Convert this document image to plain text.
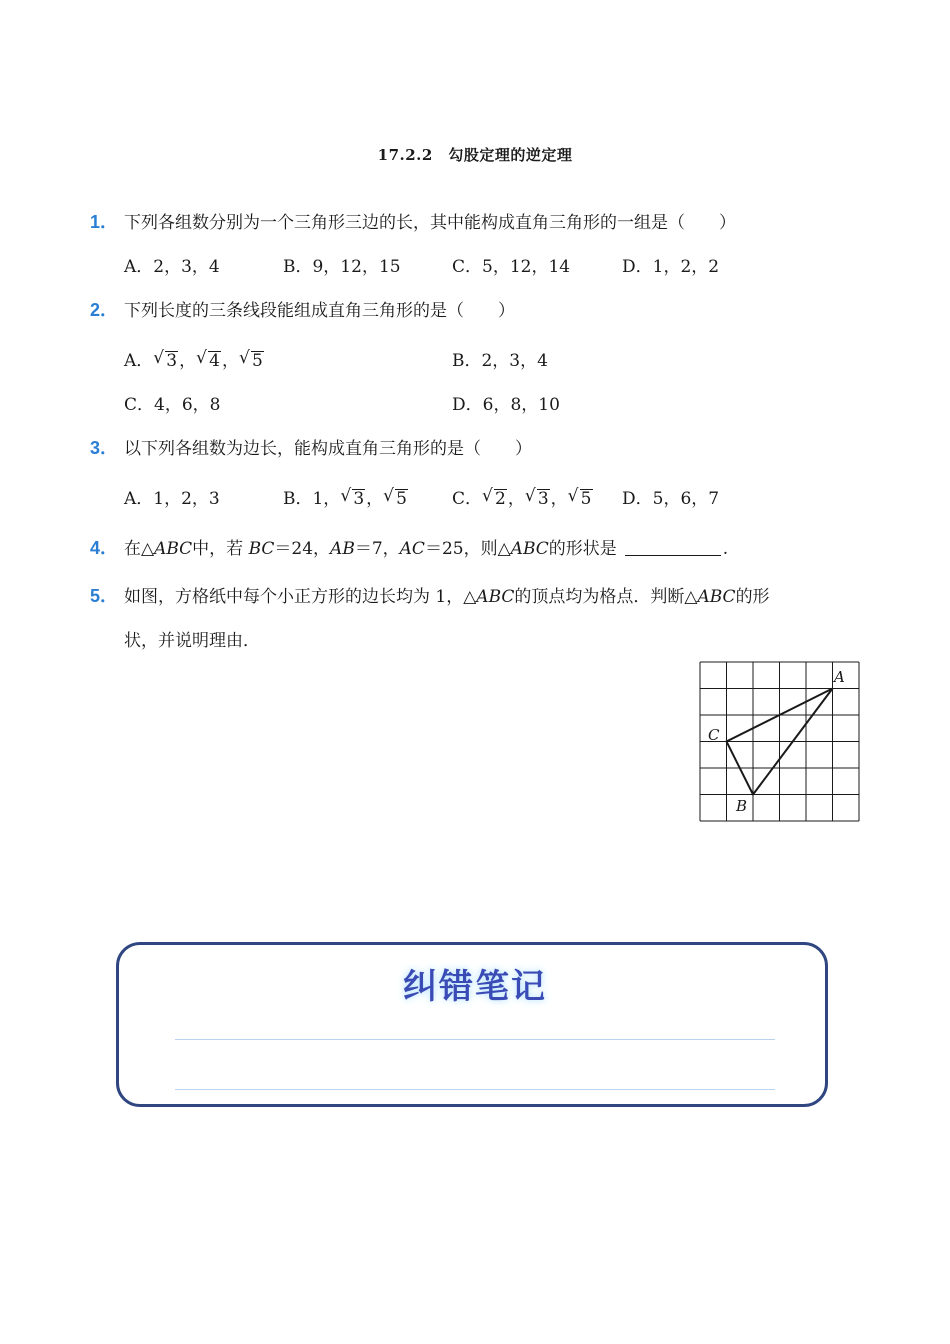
17.2.2　勾股定理的逆定理
1． 下列各组数分别为一个三角形三边的长，其中能构成直角三角形的一组是（　　）
A．2，3，4	B．9，12，15	C．5，12，14	D．1，2，2
2． 下列长度的三条线段能组成直角三角形的是（　　）
A． √ 3 ， √ 4 ， √ 5	B．2，3，4
C．4，6，8	D．6，8，10
3． 以下列各组数为边长，能构成直角三角形的是（　　）
A．1，2，3	B．1， √ 3 ， √ 5	C． √ 2 ， √ 3 ， √ 5 D．5，6，7
4． 在△ABC中，若 BC＝24，AB＝7，AC＝25，则△ABC的形状是	.
5． 如图，方格纸中每个小正方形的边长均为 1，△ABC的顶点均为格点．判断△ABC的形
状，并说明理由．
A
C
B
纠错笔记
